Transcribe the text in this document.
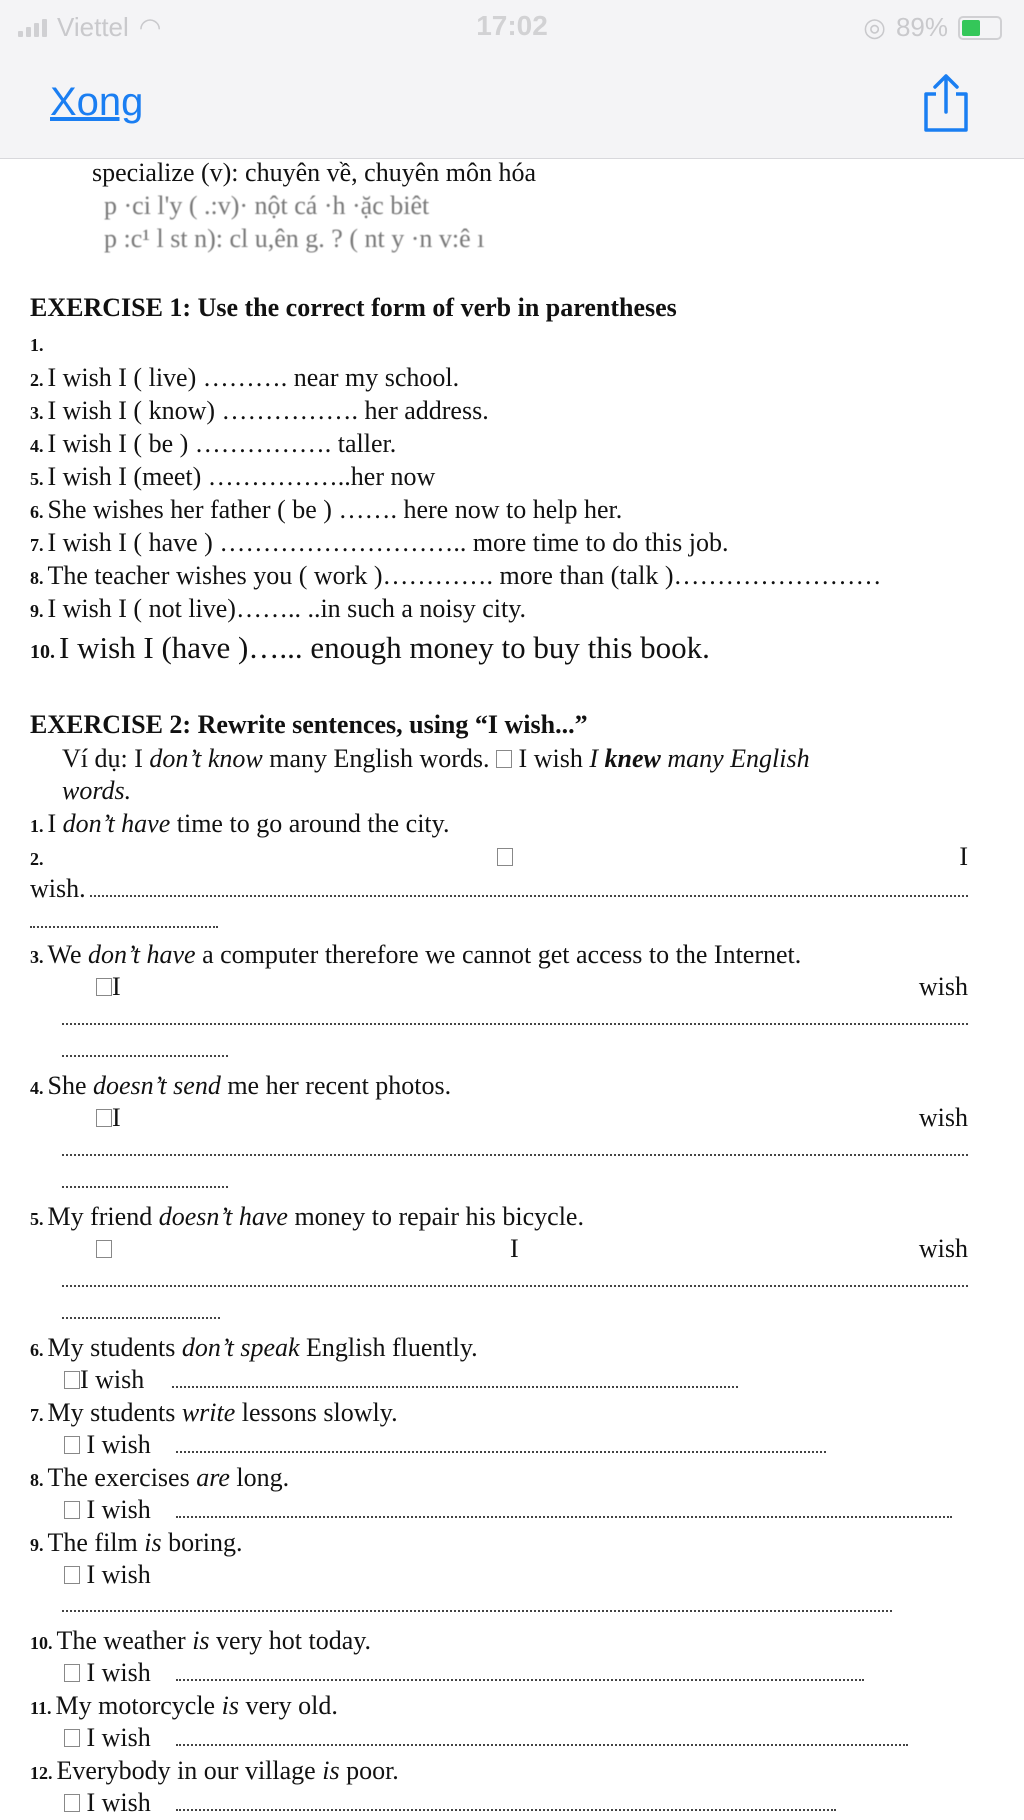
Viettel ◠	17:02	◎ 89%
Xong
specialize (v): chuyên về, chuyên môn hóa
p ·ci l'y ( .:v)· nột cá ·h ·ặc biêt
p :c¹ l st n): cl u,ên g. ? ( nt y ·n v:ê ı
EXERCISE 1: Use the correct form of verb in parentheses
1.
2. I wish I ( live) ………. near my school.
3. I wish I ( know) ……………. her address.
4. I wish I ( be ) ……………. taller.
5. I wish I (meet) ……………..her now
6. She wishes her father ( be ) ……. here now to help her.
7. I wish I ( have ) ……………………….. more time to do this job.
8. The teacher wishes you ( work )…………. more than (talk )……………………
9. I wish I ( not live)…….. ..in such a noisy city.
10. I wish I (have )…... enough money to buy this book.
EXERCISE 2: Rewrite sentences, using “I wish...”
Ví dụ: I don’t know many English words.  I wish I knew many English
words.
1. I don’t have time to go around the city.
2.	I
wish.
3. We don’t have a computer therefore we cannot get access to the Internet.
I	wish
4. She doesn’t send me her recent photos.
I	wish
5. My friend doesn’t have money to repair his bicycle.
I	wish
6. My students don’t speak English fluently.
I wish
7. My students write lessons slowly.
I wish
8. The exercises are long.
I wish
9. The film is boring.
I wish
10. The weather is very hot today.
I wish
11. My motorcycle is very old.
I wish
12. Everybody in our village is poor.
I wish
